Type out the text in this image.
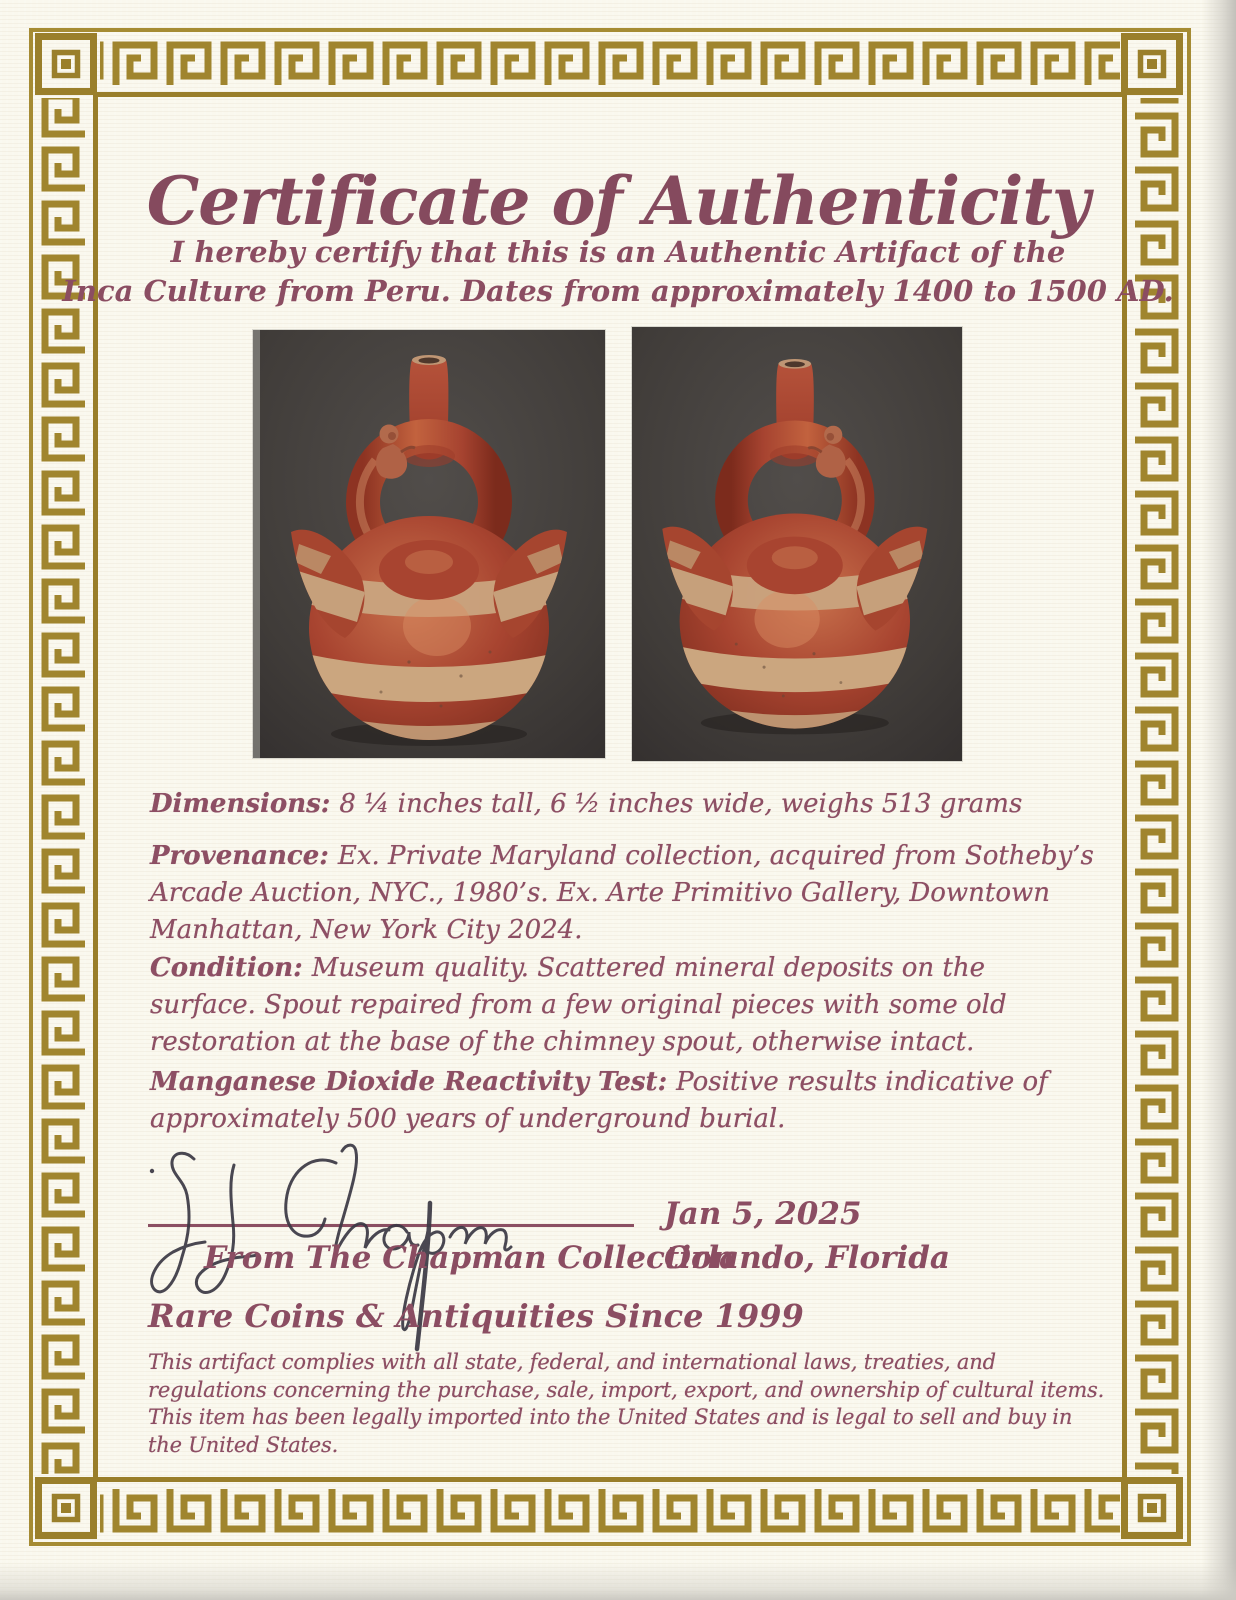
Certificate of Authenticity
I hereby certify that this is an Authentic Artifact of the
Inca Culture from Peru. Dates from approximately 1400 to 1500 AD.

Dimensions: 8 ¼ inches tall, 6 ½ inches wide, weighs 513 grams

Provenance: Ex. Private Maryland collection, acquired from Sotheby’s Arcade Auction, NYC., 1980’s. Ex. Arte Primitivo Gallery, Downtown Manhattan, New York City 2024.

Condition: Museum quality. Scattered mineral deposits on the surface. Spout repaired from a few original pieces with some old restoration at the base of the chimney spout, otherwise intact.

Manganese Dioxide Reactivity Test: Positive results indicative of approximately 500 years of underground burial.

Jan 5, 2025
From The Chapman Collection
Orlando, Florida
Rare Coins & Antiquities Since 1999

This artifact complies with all state, federal, and international laws, treaties, and regulations concerning the purchase, sale, import, export, and ownership of cultural items. This item has been legally imported into the United States and is legal to sell and buy in the United States.
